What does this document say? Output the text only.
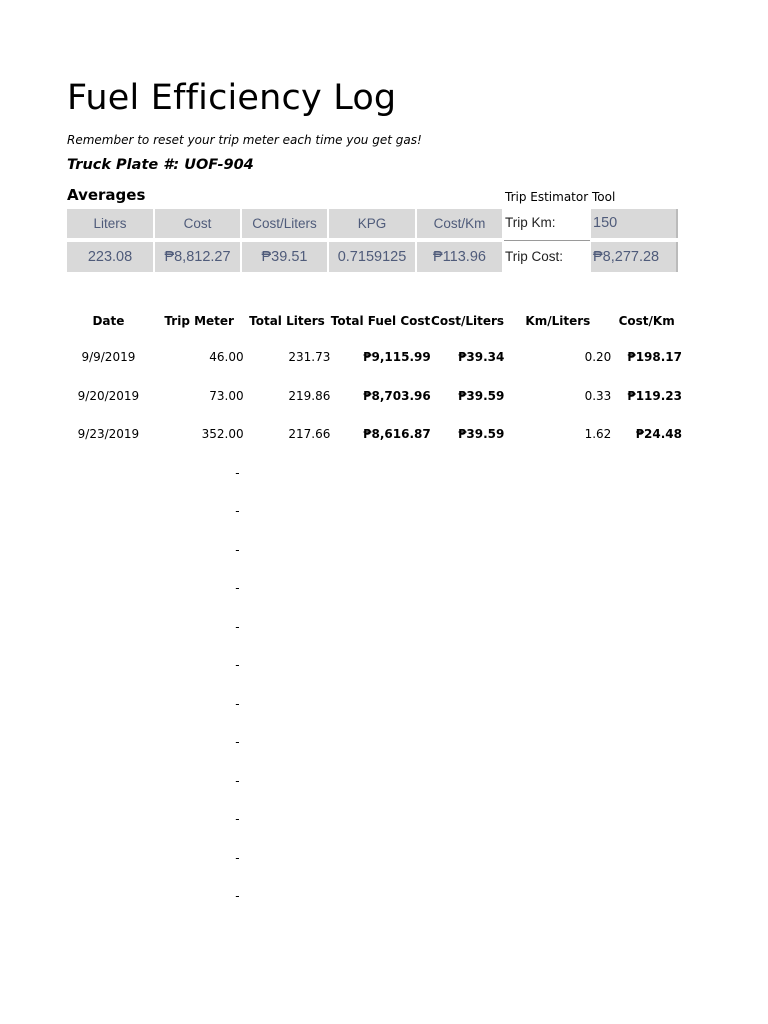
Fuel Efficiency Log
Remember to reset your trip meter each time you get gas!
Truck Plate #: UOF-904
Averages	Trip Estimator Tool
Liters	Cost	Cost/Liters	KPG	Cost/Km
223.08	₱8,812.27	₱39.51	0.7159125	₱113.96
Trip Km:	150
Trip Cost: ₱8,277.28
Date	Trip Meter	Total Liters	Total Fuel Cost	Cost/Liters	Km/Liters	Cost/Km
9/9/2019	46.00	231.73	₱9,115.99	₱39.34	0.20	₱198.17
9/20/2019	73.00	219.86	₱8,703.96	₱39.59	0.33	₱119.23
9/23/2019	352.00	217.66	₱8,616.87	₱39.59	1.62	₱24.48
	-					
	-					
	-					
	-					
	-					
	-					
	-					
	-					
	-					
	-					
	-					
	-					
